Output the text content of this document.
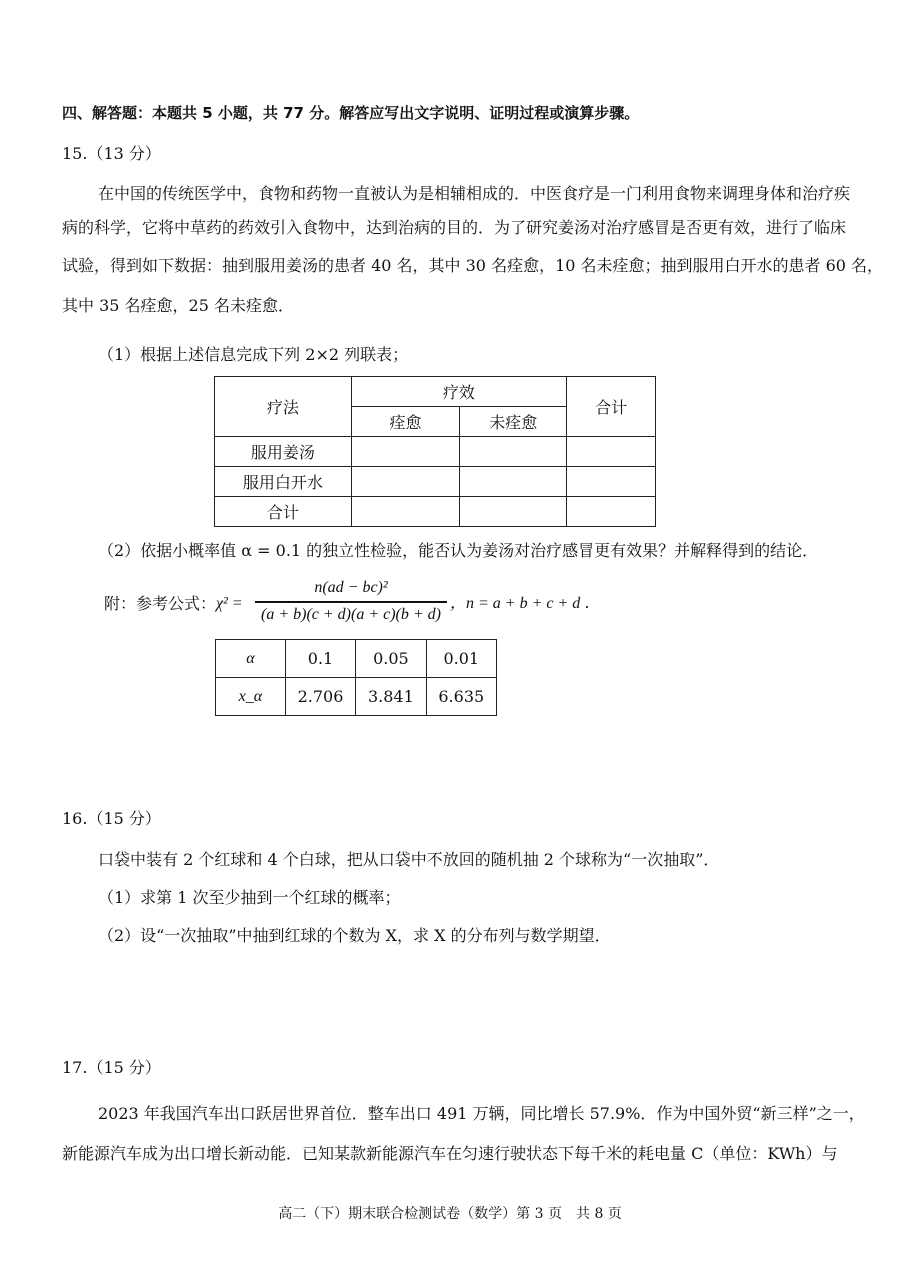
四、解答题：本题共 5 小题，共 77 分。解答应写出文字说明、证明过程或演算步骤。
15.（13 分）
在中国的传统医学中，食物和药物一直被认为是相辅相成的．中医食疗是一门利用食物来调理身体和治疗疾
病的科学，它将中草药的药效引入食物中，达到治病的目的．为了研究姜汤对治疗感冒是否更有效，进行了临床
试验，得到如下数据：抽到服用姜汤的患者 40 名，其中 30 名痊愈，10 名未痊愈；抽到服用白开水的患者 60 名，
其中 35 名痊愈，25 名未痊愈．
（1）根据上述信息完成下列 2×2 列联表；
疗法	疗效		合计
	痊愈	未痊愈	
服用姜汤			
服用白开水			
合计			
（2）依据小概率值 α = 0.1 的独立性检验，能否认为姜汤对治疗感冒更有效果？并解释得到的结论．
附：参考公式： χ² =
n(ad − bc)²
(a + b)(c + d)(a + c)(b + d)
，n = a + b + c + d ．
α	0.1	0.05	0.01
x_α	2.706	3.841	6.635
16.（15 分）
口袋中装有 2 个红球和 4 个白球，把从口袋中不放回的随机抽 2 个球称为“一次抽取”．
（1）求第 1 次至少抽到一个红球的概率；
（2）设“一次抽取”中抽到红球的个数为 X，求 X 的分布列与数学期望．
17.（15 分）
2023 年我国汽车出口跃居世界首位．整车出口 491 万辆，同比增长 57.9%．作为中国外贸“新三样”之一，
新能源汽车成为出口增长新动能．已知某款新能源汽车在匀速行驶状态下每千米的耗电量 C（单位：KWh）与
高二（下）期末联合检测试卷（数学）第 3 页　共 8 页
